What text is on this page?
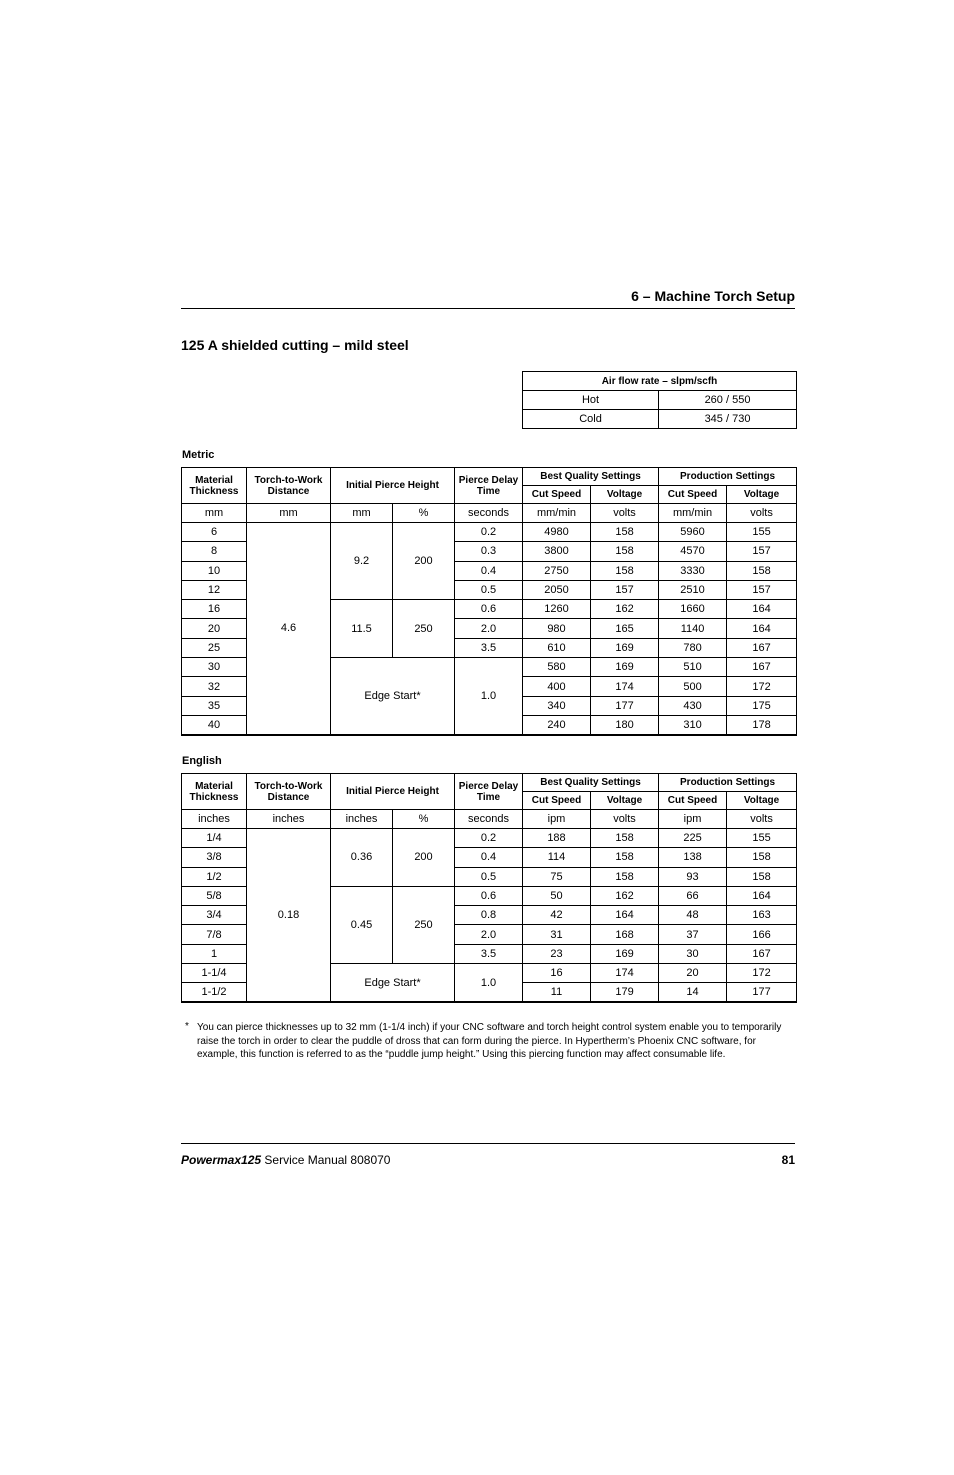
6 – Machine Torch Setup
125 A shielded cutting – mild steel
Air flow rate – slpm/scfh	
Hot	260 / 550
Cold	345 / 730
Metric
Material Thickness	Torch-to-Work Distance	Initial Pierce Height		Pierce Delay Time	Best Quality Settings		Production Settings	
					Cut Speed	Voltage	Cut Speed	Voltage
mm	mm	mm	%	seconds	mm/min	volts	mm/min	volts
6	4.6	9.2	200	0.2	4980	158	5960	155
8				0.3	3800	158	4570	157
10				0.4	2750	158	3330	158
12				0.5	2050	157	2510	157
16		11.5	250	0.6	1260	162	1660	164
20				2.0	980	165	1140	164
25				3.5	610	169	780	167
30		Edge Start*		1.0	580	169	510	167
32					400	174	500	172
35					340	177	430	175
40					240	180	310	178
English
Material Thickness	Torch-to-Work Distance	Initial Pierce Height		Pierce Delay Time	Best Quality Settings		Production Settings	
					Cut Speed	Voltage	Cut Speed	Voltage
inches	inches	inches	%	seconds	ipm	volts	ipm	volts
1/4	0.18	0.36	200	0.2	188	158	225	155
3/8				0.4	114	158	138	158
1/2				0.5	75	158	93	158
5/8		0.45	250	0.6	50	162	66	164
3/4				0.8	42	164	48	163
7/8				2.0	31	168	37	166
1				3.5	23	169	30	167
1-1/4		Edge Start*		1.0	16	174	20	172
1-1/2					11	179	14	177
* You can pierce thicknesses up to 32 mm (1-1/4 inch) if your CNC software and torch height control system enable you to temporarily raise the torch in order to clear the puddle of dross that can form during the pierce. In Hypertherm’s Phoenix CNC software, for example, this function is referred to as the “puddle jump height.” Using this piercing function may affect consumable life.
Powermax125 Service Manual 808070	81
